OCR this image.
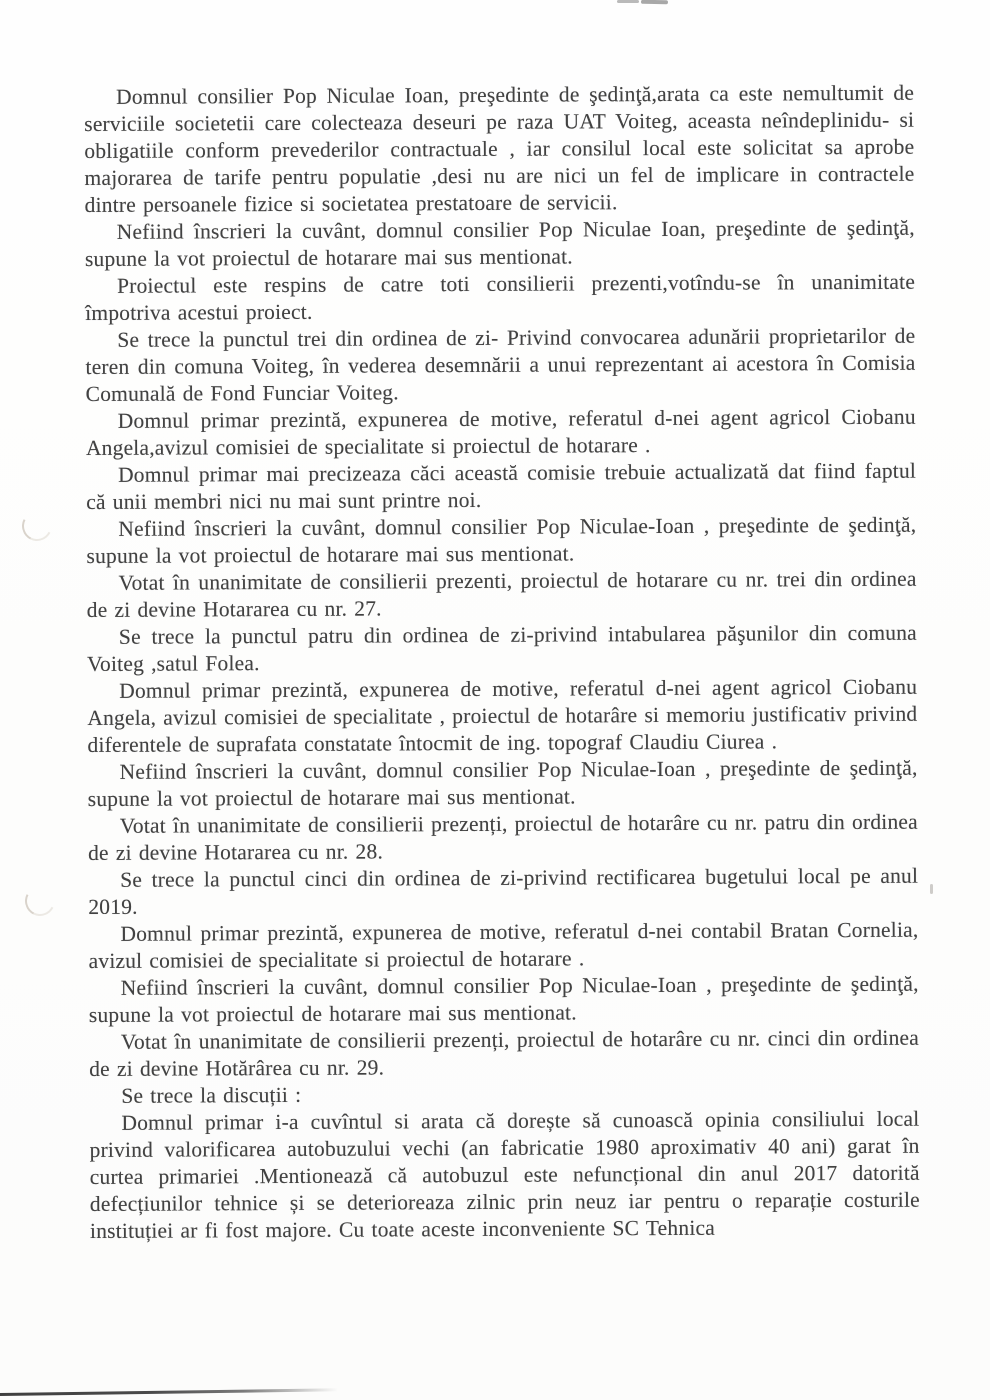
Domnul consilier Pop Niculae Ioan, preşedinte de şedinţă,arata ca este nemultumit de serviciile societetii care colecteaza deseuri pe raza UAT Voiteg, aceasta neîndeplinidu- si obligatiile conform prevederilor contractuale , iar consilul local este solicitat sa aprobe majorarea de tarife pentru populatie ,desi nu are nici un fel de implicare in contractele dintre persoanele fizice si societatea prestatoare de servicii.

Nefiind înscrieri la cuvânt, domnul consilier Pop Niculae Ioan, preşedinte de şedinţă, supune la vot proiectul de hotarare mai sus mentionat.

Proiectul este respins de catre toti consilierii prezenti,votîndu-se în unanimitate împotriva acestui proiect.

Se trece la punctul trei din ordinea de zi- Privind convocarea adunării proprietarilor de teren din comuna Voiteg, în vederea desemnării a unui reprezentant ai acestora în Comisia Comunală de Fond Funciar Voiteg.

Domnul primar prezintă, expunerea de motive, referatul d-nei agent agricol Ciobanu Angela,avizul comisiei de specialitate si proiectul de hotarare .

Domnul primar mai precizeaza căci această comisie trebuie actualizată dat fiind faptul că unii membri nici nu mai sunt printre noi.

Nefiind înscrieri la cuvânt, domnul consilier Pop Niculae-Ioan , preşedinte de şedinţă, supune la vot proiectul de hotarare mai sus mentionat.

Votat în unanimitate de consilierii prezenti, proiectul de hotarare cu nr. trei din ordinea de zi devine Hotararea cu nr. 27.

Se trece la punctul patru din ordinea de zi-privind intabularea păşunilor din comuna Voiteg ,satul Folea.

Domnul primar prezintă, expunerea de motive, referatul d-nei agent agricol Ciobanu Angela, avizul comisiei de specialitate , proiectul de hotarâre si memoriu justificativ privind diferentele de suprafata constatate întocmit de ing. topograf Claudiu Ciurea .

Nefiind înscrieri la cuvânt, domnul consilier Pop Niculae-Ioan , preşedinte de şedinţă, supune la vot proiectul de hotarare mai sus mentionat.

Votat în unanimitate de consilierii prezenți, proiectul de hotarâre cu nr. patru din ordinea de zi devine Hotararea cu nr. 28.

Se trece la punctul cinci din ordinea de zi-privind rectificarea bugetului local pe anul 2019.

Domnul primar prezintă, expunerea de motive, referatul d-nei contabil Bratan Cornelia, avizul comisiei de specialitate si proiectul de hotarare .

Nefiind înscrieri la cuvânt, domnul consilier Pop Niculae-Ioan , preşedinte de şedinţă, supune la vot proiectul de hotarare mai sus mentionat.

Votat în unanimitate de consilierii prezenți, proiectul de hotarâre cu nr. cinci din ordinea de zi devine Hotărârea cu nr. 29.

Se trece la discuții :

Domnul primar i-a cuvîntul si arata că dorește să cunoască opinia consiliului local privind valorificarea autobuzului vechi (an fabricatie 1980 aproximativ 40 ani) garat în curtea primariei .Mentionează că autobuzul este nefuncțional din anul 2017 datorită defecțiunilor tehnice și se deterioreaza zilnic prin neuz iar pentru o reparație costurile instituției ar fi fost majore. Cu toate aceste inconveniente SC Tehnica
